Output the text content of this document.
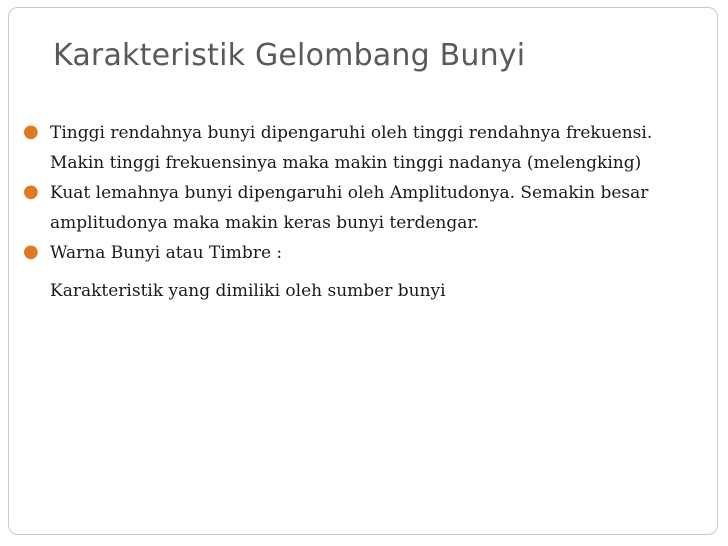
Karakteristik Gelombang Bunyi
● Tinggi rendahnya bunyi dipengaruhi oleh tinggi rendahnya frekuensi. Makin tinggi frekuensinya maka makin tinggi nadanya (melengking)
● Kuat lemahnya bunyi dipengaruhi oleh Amplitudonya. Semakin besar amplitudonya maka makin keras bunyi terdengar.
● Warna Bunyi atau Timbre :
Karakteristik yang dimiliki oleh sumber bunyi
